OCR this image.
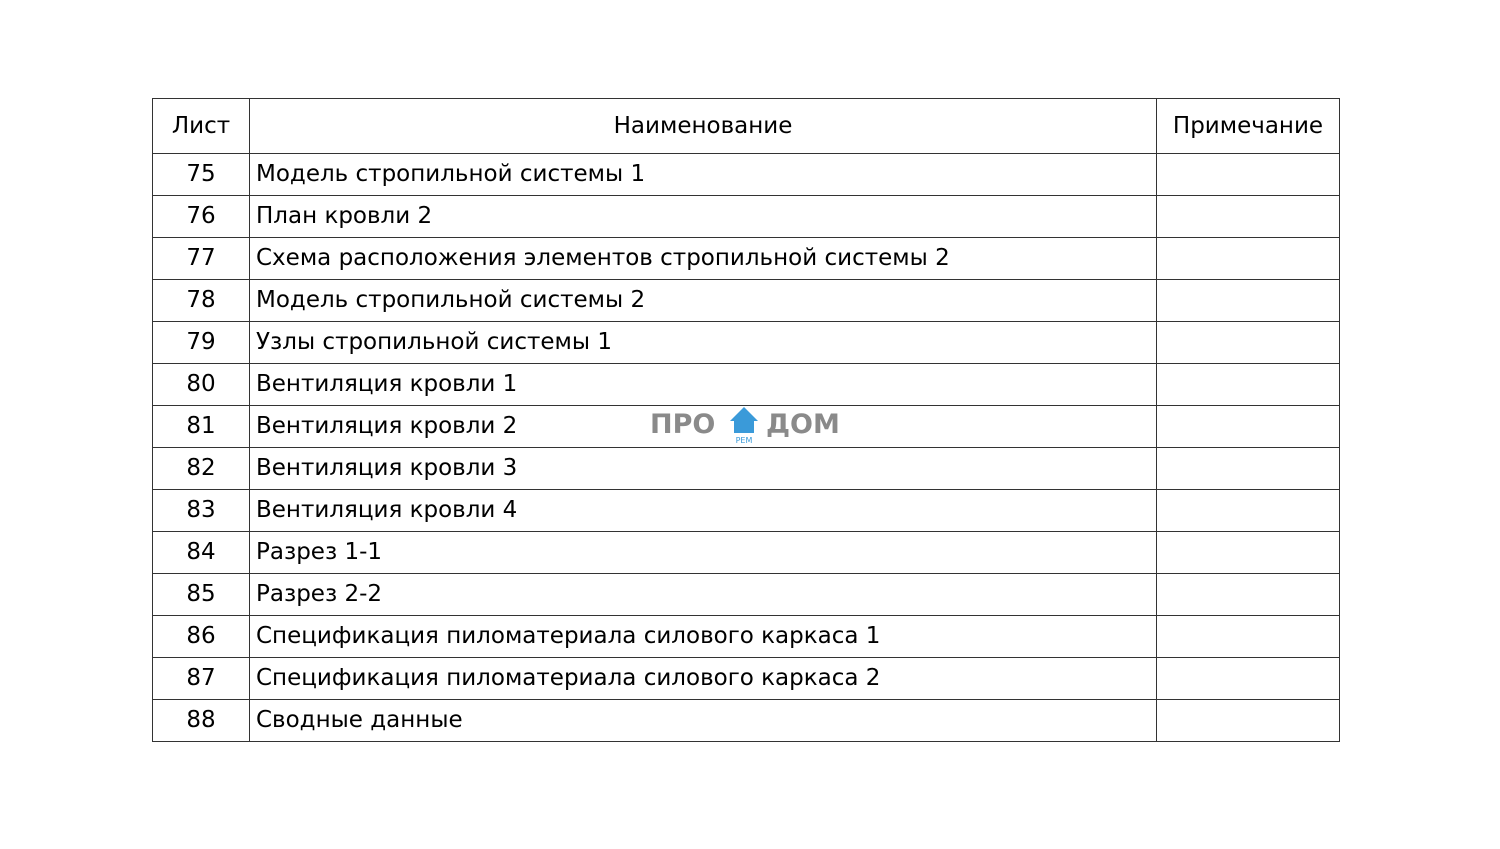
Лист	Наименование	Примечание
75	Модель стропильной системы 1	
76	План кровли 2	
77	Схема расположения элементов стропильной системы 2	
78	Модель стропильной системы 2	
79	Узлы стропильной системы 1	
80	Вентиляция кровли 1	
81	Вентиляция кровли 2	
82	Вентиляция кровли 3	
83	Вентиляция кровли 4	
84	Разрез 1-1	
85	Разрез 2-2	
86	Спецификация пиломатериала силового каркаса 1	
87	Спецификация пиломатериала силового каркаса 2	
88	Сводные данные	
ПРО
РЕМ
ДОМ
